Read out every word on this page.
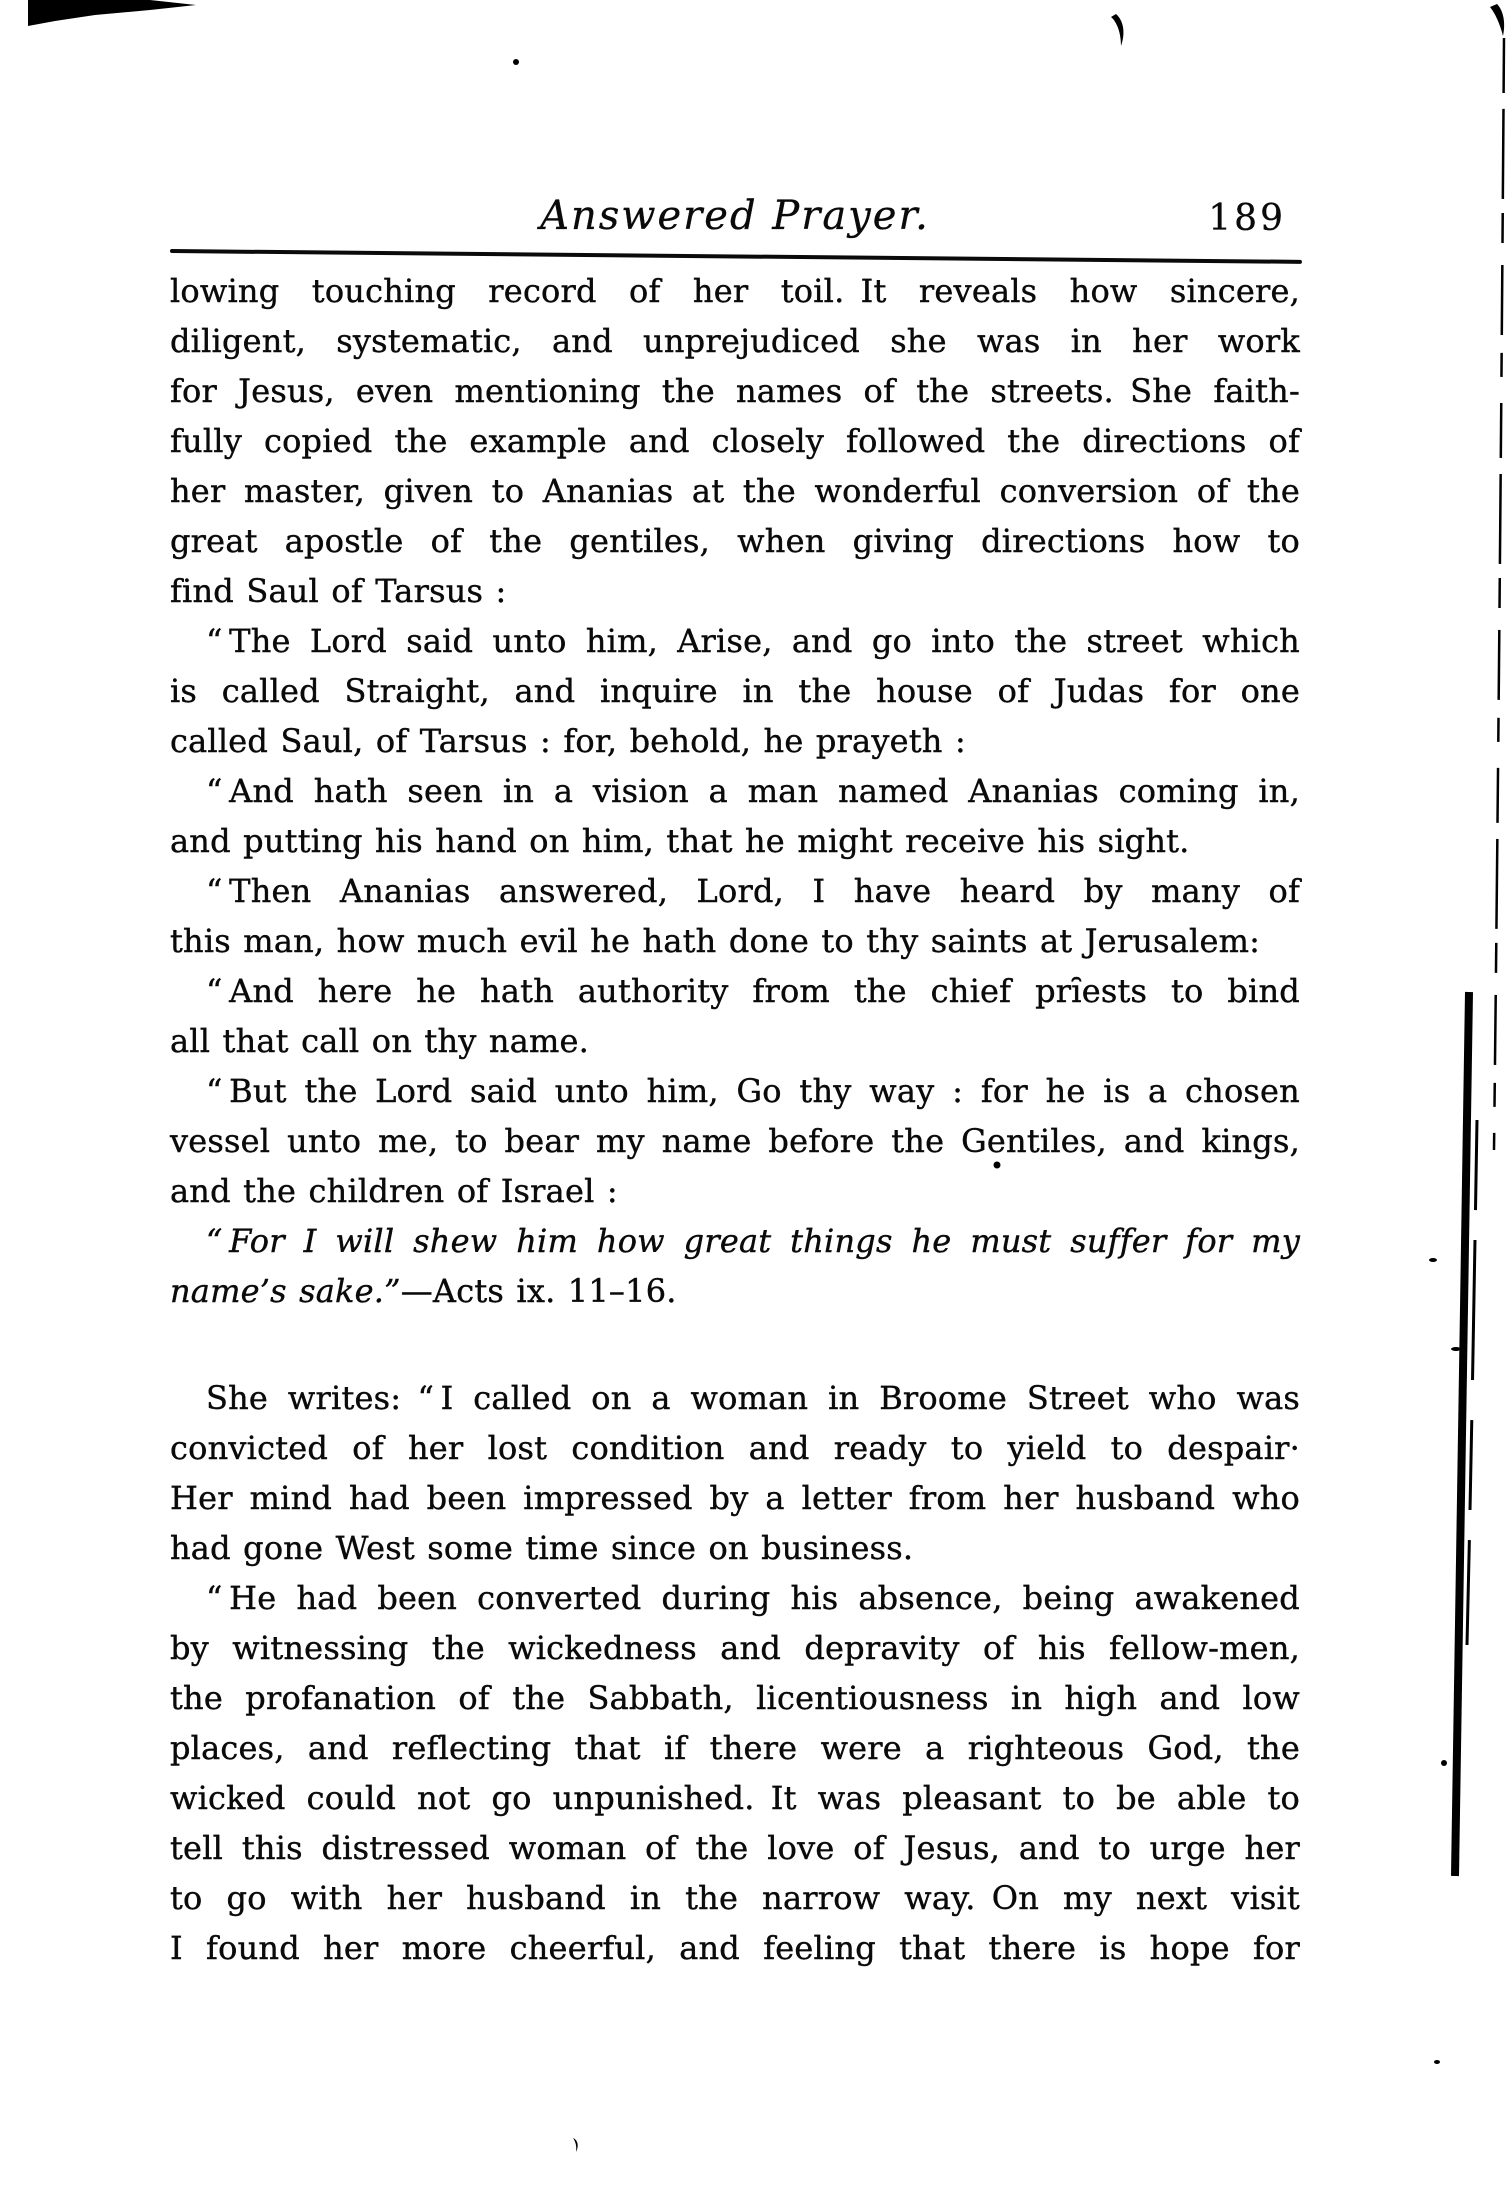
Answered Prayer.	189
lowing touching record of her toil. It reveals how sincere,
diligent, systematic, and unprejudiced she was in her work
for Jesus, even mentioning the names of the streets. She faith-
fully copied the example and closely followed the directions of
her master, given to Ananias at the wonderful conversion of the
great apostle of the gentiles, when giving directions how to
find Saul of Tarsus :
“ The Lord said unto him, Arise, and go into the street which
is called Straight, and inquire in the house of Judas for one
called Saul, of Tarsus : for, behold, he prayeth :
“ And hath seen in a vision a man named Ananias coming in,
and putting his hand on him, that he might receive his sight.
“ Then Ananias answered, Lord, I have heard by many of
this man, how much evil he hath done to thy saints at Jerusalem:
“ And here he hath authority from the chief prȋests to bind
all that call on thy name.
“ But the Lord said unto him, Go thy way : for he is a chosen
vessel unto me, to bear my name before the Gentiles, and kings,
and the children of Israel :
“ For I will shew him how great things he must suffer for my
name’s sake.”—Acts ix. 11–16.
She writes: “ I called on a woman in Broome Street who was
convicted of her lost condition and ready to yield to despair·
Her mind had been impressed by a letter from her husband who
had gone West some time since on business.
“ He had been converted during his absence, being awakened
by witnessing the wickedness and depravity of his fellow-men,
the profanation of the Sabbath, licentiousness in high and low
places, and reflecting that if there were a righteous God, the
wicked could not go unpunished. It was pleasant to be able to
tell this distressed woman of the love of Jesus, and to urge her
to go with her husband in the narrow way. On my next visit
I found her more cheerful, and feeling that there is hope for
